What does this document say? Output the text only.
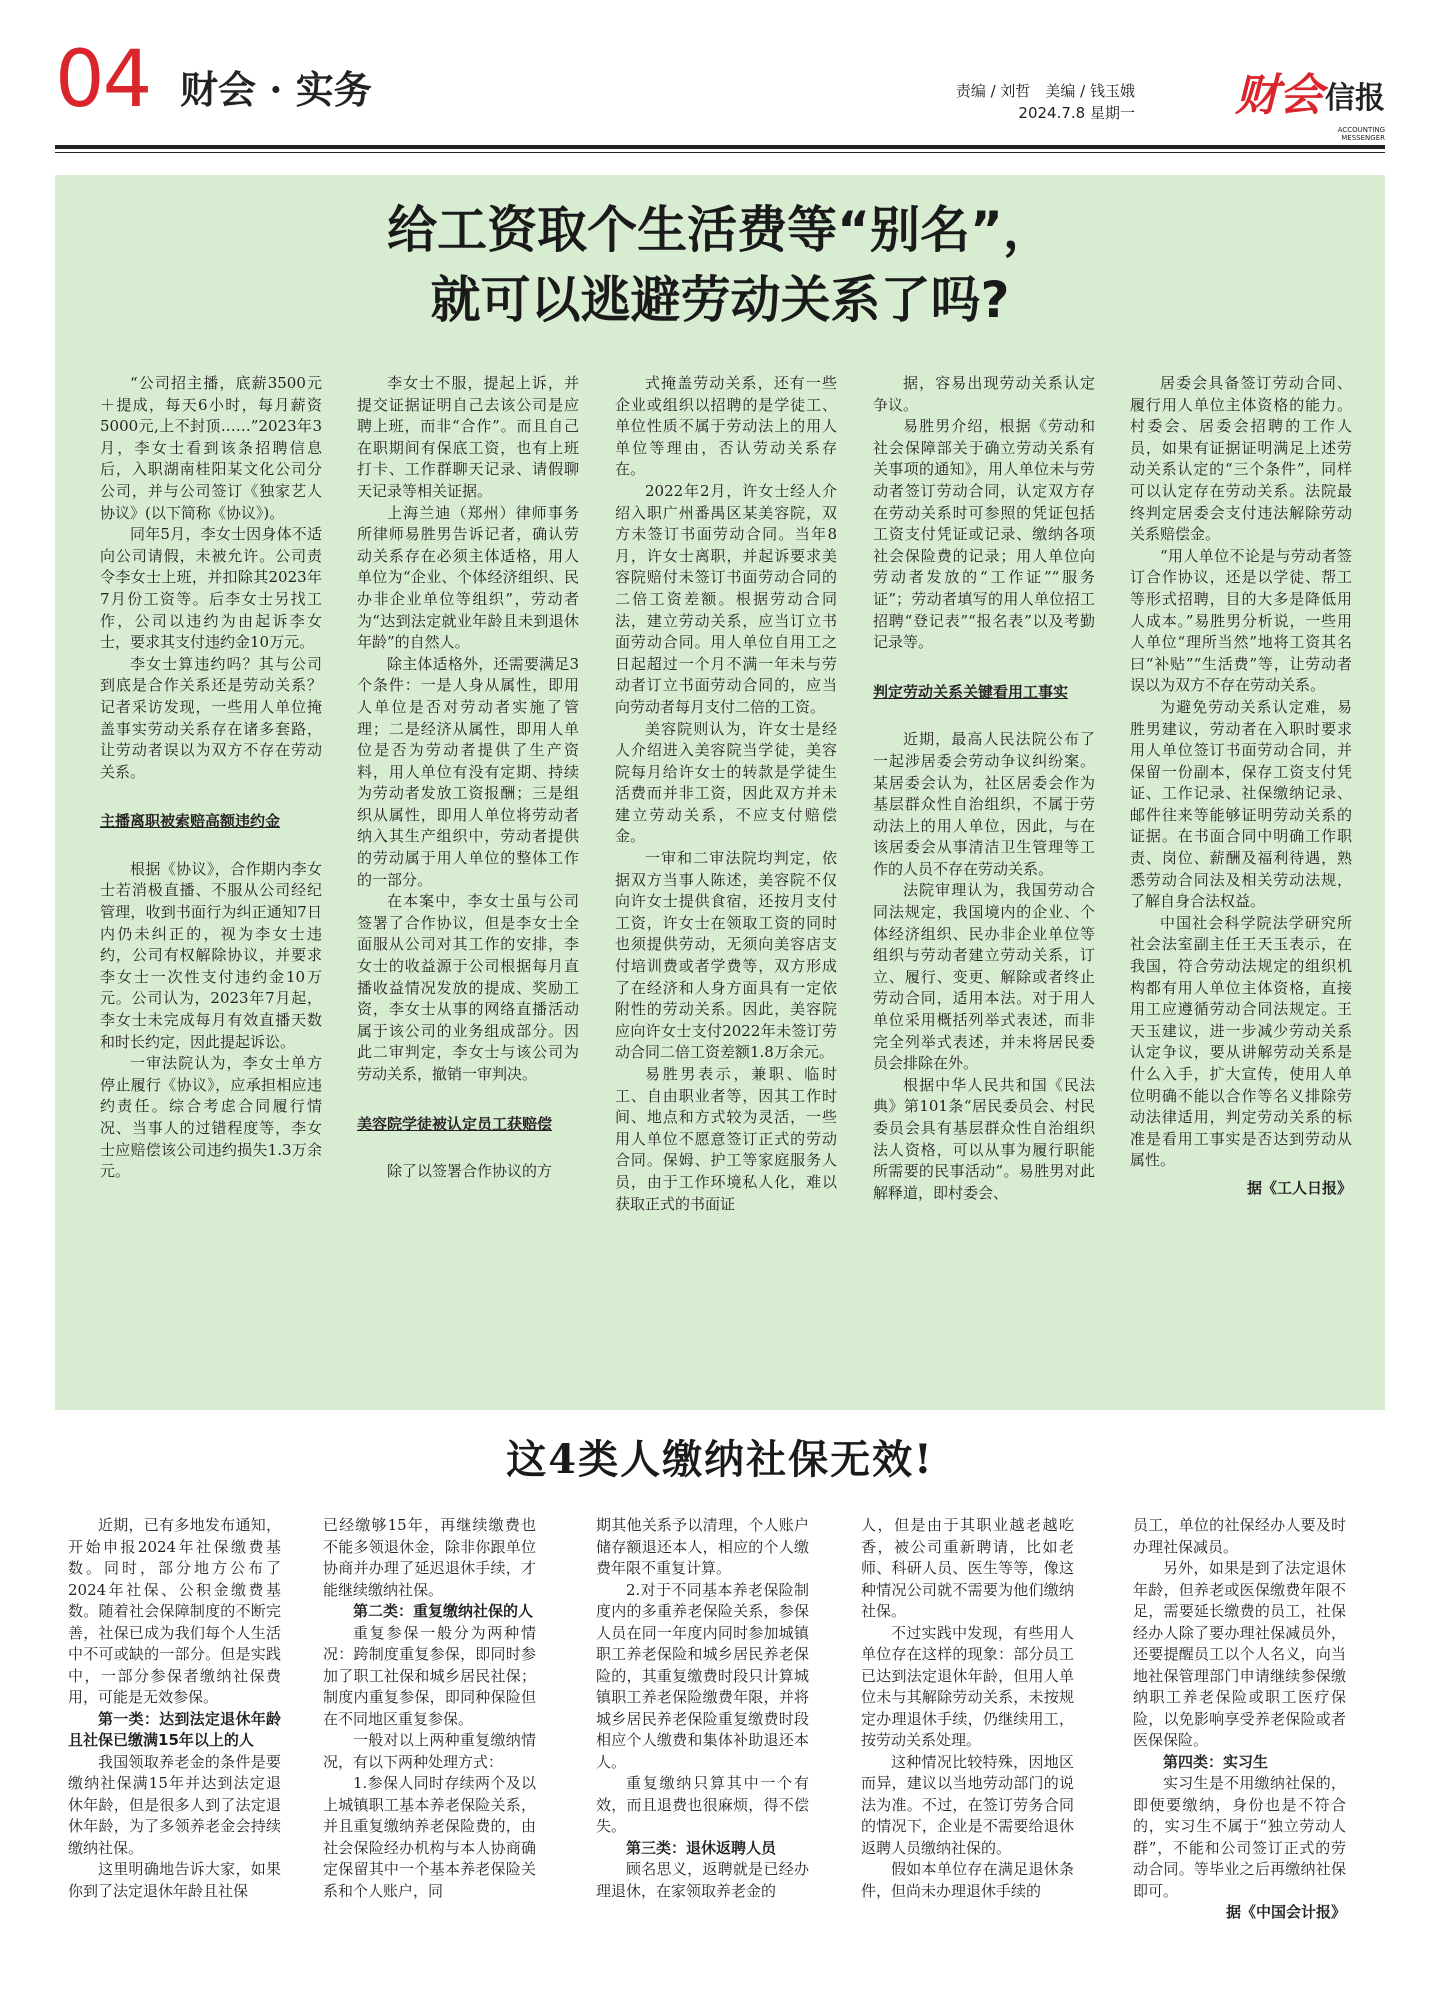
04 财会 · 实务	责编 / 刘哲　美编 / 钱玉娥
2024.7.8 星期一 财会 信报
ACCOUNTING
MESSENGER
给工资取个生活费等“别名”，
就可以逃避劳动关系了吗?

“公司招主播，底薪3500元＋提成，每天6小时，每月薪资5000元,上不封顶……”2023年3月，李女士看到该条招聘信息后，入职湖南桂阳某文化公司分公司，并与公司签订《独家艺人协议》(以下简称《协议》)。

同年5月，李女士因身体不适向公司请假，未被允许。公司责令李女士上班，并扣除其2023年7月份工资等。后李女士另找工作，公司以违约为由起诉李女士，要求其支付违约金10万元。

李女士算违约吗？其与公司到底是合作关系还是劳动关系？记者采访发现，一些用人单位掩盖事实劳动关系存在诸多套路，让劳动者误以为双方不存在劳动关系。

主播离职被索赔高额违约金

根据《协议》，合作期内李女士若消极直播、不服从公司经纪管理，收到书面行为纠正通知7日内仍未纠正的，视为李女士违约，公司有权解除协议，并要求李女士一次性支付违约金10万元。公司认为，2023年7月起，李女士未完成每月有效直播天数和时长约定，因此提起诉讼。

一审法院认为，李女士单方停止履行《协议》，应承担相应违约责任。综合考虑合同履行情况、当事人的过错程度等，李女士应赔偿该公司违约损失1.3万余元。

李女士不服，提起上诉，并提交证据证明自己去该公司是应聘上班，而非“合作”。而且自己在职期间有保底工资，也有上班打卡、工作群聊天记录、请假聊天记录等相关证据。

上海兰迪（郑州）律师事务所律师易胜男告诉记者，确认劳动关系存在必须主体适格，用人单位为“企业、个体经济组织、民办非企业单位等组织”，劳动者为“达到法定就业年龄且未到退休年龄”的自然人。

除主体适格外，还需要满足3个条件：一是人身从属性，即用人单位是否对劳动者实施了管理；二是经济从属性，即用人单位是否为劳动者提供了生产资料，用人单位有没有定期、持续为劳动者发放工资报酬；三是组织从属性，即用人单位将劳动者纳入其生产组织中，劳动者提供的劳动属于用人单位的整体工作的一部分。

在本案中，李女士虽与公司签署了合作协议，但是李女士全面服从公司对其工作的安排，李女士的收益源于公司根据每月直播收益情况发放的提成、奖励工资，李女士从事的网络直播活动属于该公司的业务组成部分。因此二审判定，李女士与该公司为劳动关系，撤销一审判决。

美容院学徒被认定员工获赔偿

除了以签署合作协议的方

式掩盖劳动关系，还有一些企业或组织以招聘的是学徒工、单位性质不属于劳动法上的用人单位等理由，否认劳动关系存在。

2022年2月，许女士经人介绍入职广州番禺区某美容院，双方未签订书面劳动合同。当年8月，许女士离职，并起诉要求美容院赔付未签订书面劳动合同的二倍工资差额。根据劳动合同法，建立劳动关系，应当订立书面劳动合同。用人单位自用工之日起超过一个月不满一年未与劳动者订立书面劳动合同的，应当向劳动者每月支付二倍的工资。

美容院则认为，许女士是经人介绍进入美容院当学徒，美容院每月给许女士的转款是学徒生活费而并非工资，因此双方并未建立劳动关系，不应支付赔偿金。

一审和二审法院均判定，依据双方当事人陈述，美容院不仅向许女士提供食宿，还按月支付工资，许女士在领取工资的同时也须提供劳动，无须向美容店支付培训费或者学费等，双方形成了在经济和人身方面具有一定依附性的劳动关系。因此，美容院应向许女士支付2022年未签订劳动合同二倍工资差额1.8万余元。

易胜男表示，兼职、临时工、自由职业者等，因其工作时间、地点和方式较为灵活，一些用人单位不愿意签订正式的劳动合同。保姆、护工等家庭服务人员，由于工作环境私人化，难以获取正式的书面证

据，容易出现劳动关系认定争议。

易胜男介绍，根据《劳动和社会保障部关于确立劳动关系有关事项的通知》，用人单位未与劳动者签订劳动合同，认定双方存在劳动关系时可参照的凭证包括工资支付凭证或记录、缴纳各项社会保险费的记录；用人单位向劳动者发放的“工作证”“服务证”；劳动者填写的用人单位招工招聘“登记表”“报名表”以及考勤记录等。

判定劳动关系关键看用工事实

近期，最高人民法院公布了一起涉居委会劳动争议纠纷案。某居委会认为，社区居委会作为基层群众性自治组织，不属于劳动法上的用人单位，因此，与在该居委会从事清洁卫生管理等工作的人员不存在劳动关系。

法院审理认为，我国劳动合同法规定，我国境内的企业、个体经济组织、民办非企业单位等组织与劳动者建立劳动关系，订立、履行、变更、解除或者终止劳动合同，适用本法。对于用人单位采用概括列举式表述，而非完全列举式表述，并未将居民委员会排除在外。

根据中华人民共和国《民法典》第101条“居民委员会、村民委员会具有基层群众性自治组织法人资格，可以从事为履行职能所需要的民事活动”。易胜男对此解释道，即村委会、

居委会具备签订劳动合同、履行用人单位主体资格的能力。村委会、居委会招聘的工作人员，如果有证据证明满足上述劳动关系认定的“三个条件”，同样可以认定存在劳动关系。法院最终判定居委会支付违法解除劳动关系赔偿金。

“用人单位不论是与劳动者签订合作协议，还是以学徒、帮工等形式招聘，目的大多是降低用人成本。”易胜男分析说，一些用人单位“理所当然”地将工资其名曰“补贴”“生活费”等，让劳动者误以为双方不存在劳动关系。

为避免劳动关系认定难，易胜男建议，劳动者在入职时要求用人单位签订书面劳动合同，并保留一份副本，保存工资支付凭证、工作记录、社保缴纳记录、邮件往来等能够证明劳动关系的证据。在书面合同中明确工作职责、岗位、薪酬及福利待遇，熟悉劳动合同法及相关劳动法规，了解自身合法权益。

中国社会科学院法学研究所社会法室副主任王天玉表示，在我国，符合劳动法规定的组织机构都有用人单位主体资格，直接用工应遵循劳动合同法规定。王天玉建议，进一步减少劳动关系认定争议，要从讲解劳动关系是什么入手，扩大宣传，使用人单位明确不能以合作等名义排除劳动法律适用，判定劳动关系的标准是看用工事实是否达到劳动从属性。

据《工人日报》

这4类人缴纳社保无效!

近期，已有多地发布通知，开始申报2024年社保缴费基数。同时，部分地方公布了2024年社保、公积金缴费基数。随着社会保障制度的不断完善，社保已成为我们每个人生活中不可或缺的一部分。但是实践中，一部分参保者缴纳社保费用，可能是无效参保。

第一类：达到法定退休年龄且社保已缴满15年以上的人

我国领取养老金的条件是要缴纳社保满15年并达到法定退休年龄，但是很多人到了法定退休年龄，为了多领养老金会持续缴纳社保。

这里明确地告诉大家，如果你到了法定退休年龄且社保

已经缴够15年，再继续缴费也不能多领退休金，除非你跟单位协商并办理了延迟退休手续，才能继续缴纳社保。

第二类：重复缴纳社保的人

重复参保一般分为两种情况：跨制度重复参保，即同时参加了职工社保和城乡居民社保；制度内重复参保，即同种保险但在不同地区重复参保。

一般对以上两种重复缴纳情况，有以下两种处理方式：

1.参保人同时存续两个及以上城镇职工基本养老保险关系，并且重复缴纳养老保险费的，由社会保险经办机构与本人协商确定保留其中一个基本养老保险关系和个人账户，同

期其他关系予以清理，个人账户储存额退还本人，相应的个人缴费年限不重复计算。

2.对于不同基本养老保险制度内的多重养老保险关系，参保人员在同一年度内同时参加城镇职工养老保险和城乡居民养老保险的，其重复缴费时段只计算城镇职工养老保险缴费年限，并将城乡居民养老保险重复缴费时段相应个人缴费和集体补助退还本人。

重复缴纳只算其中一个有效，而且退费也很麻烦，得不偿失。

第三类：退休返聘人员

顾名思义，返聘就是已经办理退休，在家领取养老金的

人，但是由于其职业越老越吃香，被公司重新聘请，比如老师、科研人员、医生等等，像这种情况公司就不需要为他们缴纳社保。

不过实践中发现，有些用人单位存在这样的现象：部分员工已达到法定退休年龄，但用人单位未与其解除劳动关系，未按规定办理退休手续，仍继续用工，按劳动关系处理。

这种情况比较特殊，因地区而异，建议以当地劳动部门的说法为准。不过，在签订劳务合同的情况下，企业是不需要给退休返聘人员缴纳社保的。

假如本单位存在满足退休条件，但尚未办理退休手续的

员工，单位的社保经办人要及时办理社保减员。

另外，如果是到了法定退休年龄，但养老或医保缴费年限不足，需要延长缴费的员工，社保经办人除了要办理社保减员外，还要提醒员工以个人名义，向当地社保管理部门申请继续参保缴纳职工养老保险或职工医疗保险，以免影响享受养老保险或者医保保险。

第四类：实习生

实习生是不用缴纳社保的，即便要缴纳，身份也是不符合的，实习生不属于“独立劳动人群”，不能和公司签订正式的劳动合同。等毕业之后再缴纳社保即可。

据《中国会计报》
